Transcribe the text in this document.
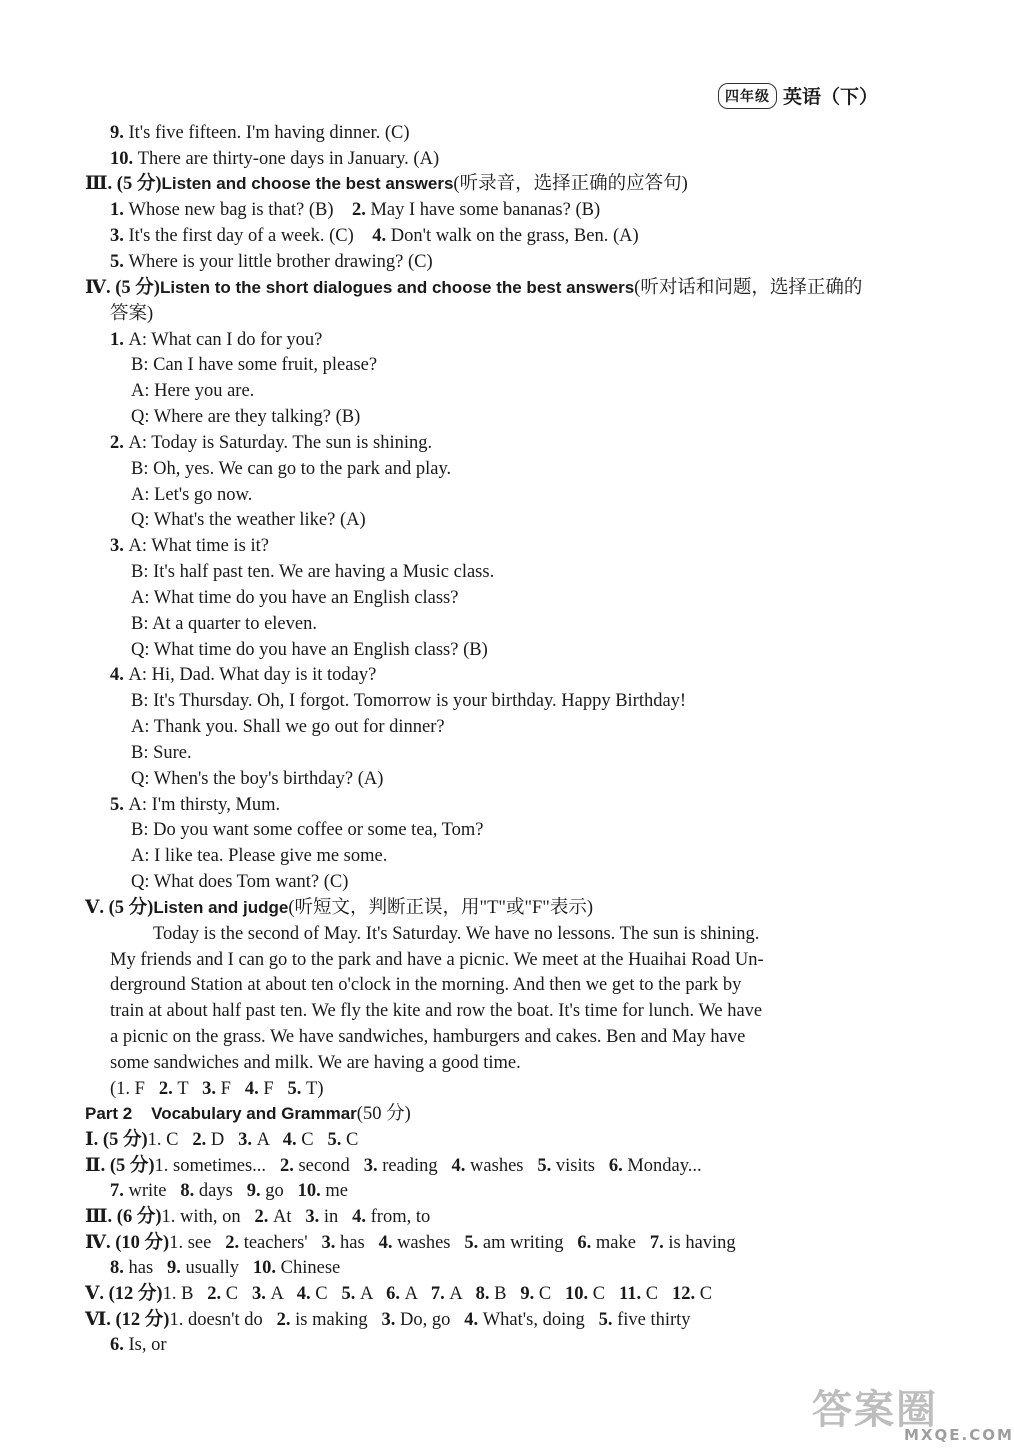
四年级 英语（下）
9. It's five fifteen. I'm having dinner. (C)
10. There are thirty-one days in January. (A)
Ⅲ. (5 分)Listen and choose the best answers(听录音，选择正确的应答句)
1. Whose new bag is that? (B)    2. May I have some bananas? (B)
3. It's the first day of a week. (C)    4. Don't walk on the grass, Ben. (A)
5. Where is your little brother drawing? (C)
Ⅳ. (5 分)Listen to the short dialogues and choose the best answers(听对话和问题，选择正确的
答案)
1. A: What can I do for you?
B: Can I have some fruit, please?
A: Here you are.
Q: Where are they talking? (B)
2. A: Today is Saturday. The sun is shining.
B: Oh, yes. We can go to the park and play.
A: Let's go now.
Q: What's the weather like? (A)
3. A: What time is it?
B: It's half past ten. We are having a Music class.
A: What time do you have an English class?
B: At a quarter to eleven.
Q: What time do you have an English class? (B)
4. A: Hi, Dad. What day is it today?
B: It's Thursday. Oh, I forgot. Tomorrow is your birthday. Happy Birthday!
A: Thank you. Shall we go out for dinner?
B: Sure.
Q: When's the boy's birthday? (A)
5. A: I'm thirsty, Mum.
B: Do you want some coffee or some tea, Tom?
A: I like tea. Please give me some.
Q: What does Tom want? (C)
Ⅴ. (5 分)Listen and judge(听短文，判断正误，用"T"或"F"表示)
Today is the second of May. It's Saturday. We have no lessons. The sun is shining.
My friends and I can go to the park and have a picnic. We meet at the Huaihai Road Un-
derground Station at about ten o'clock in the morning. And then we get to the park by
train at about half past ten. We fly the kite and row the boat. It's time for lunch. We have
a picnic on the grass. We have sandwiches, hamburgers and cakes. Ben and May have
some sandwiches and milk. We are having a good time.
(1. F   2. T   3. F   4. F   5. T)
Part 2    Vocabulary and Grammar(50 分)
Ⅰ. (5 分)1. C   2. D   3. A   4. C   5. C
Ⅱ. (5 分)1. sometimes...   2. second   3. reading   4. washes   5. visits   6. Monday...
7. write   8. days   9. go   10. me
Ⅲ. (6 分)1. with, on   2. At   3. in   4. from, to
Ⅳ. (10 分)1. see   2. teachers'   3. has   4. washes   5. am writing   6. make   7. is having
8. has   9. usually   10. Chinese
Ⅴ. (12 分)1. B   2. C   3. A   4. C   5. A   6. A   7. A   8. B   9. C   10. C   11. C   12. C
Ⅵ. (12 分)1. doesn't do   2. is making   3. Do, go   4. What's, doing   5. five thirty
6. Is, or
答案圈
MXQE.COM
